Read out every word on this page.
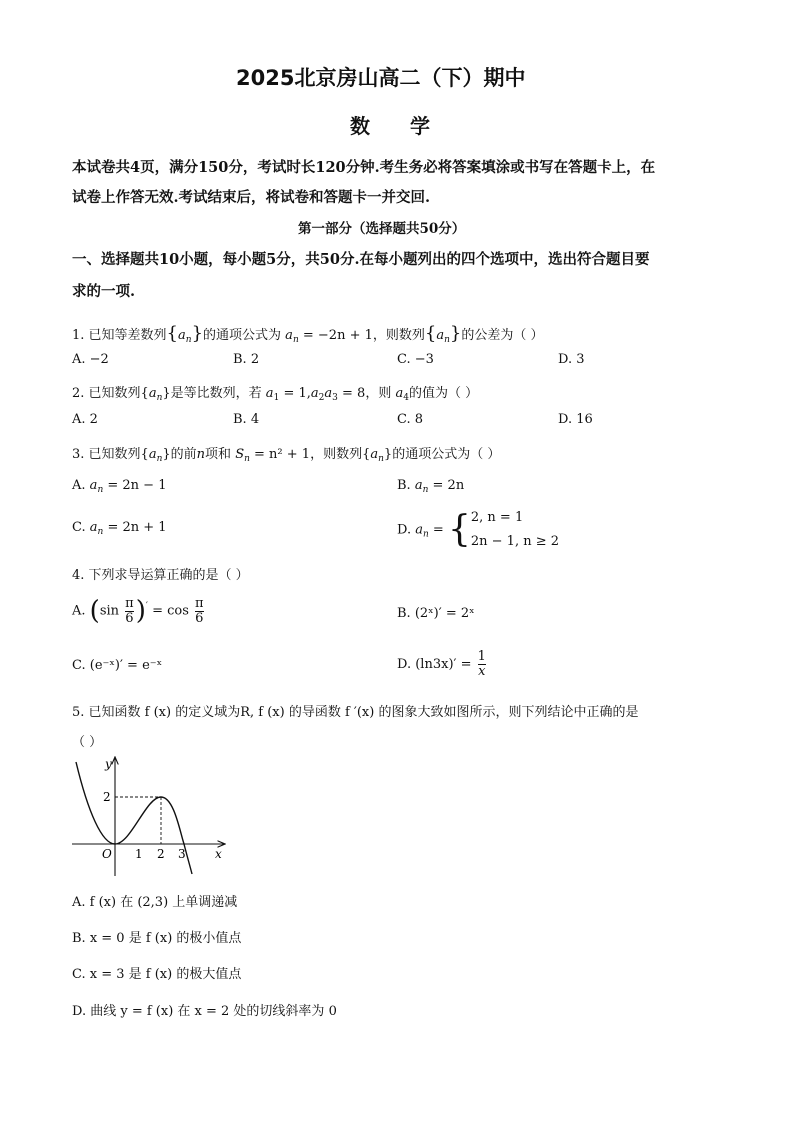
2025北京房山高二（下）期中
数学
本试卷共4页，满分150分，考试时长120分钟.考生务必将答案填涂或书写在答题卡上，在
试卷上作答无效.考试结束后，将试卷和答题卡一并交回.
第一部分（选择题共50分）
一、选择题共10小题，每小题5分，共50分.在每小题列出的四个选项中，选出符合题目要
求的一项.
1. 已知等差数列$\{a_n\}$的通项公式为 $a_n = -2n + 1$，则数列$\{a_n\}$的公差为（ ）
A. −2	B. 2	C. −3	D. 3
2. 已知数列$\{a_n\}$是等比数列，若 $a_1 = 1,a_2a_3 = 8$，则 $a_4$的值为（ ）
A. 2	B. 4	C. 8	D. 16
3. 已知数列$\{a_n\}$的前n项和 $S_n = n^2 + 1$，则数列$\{a_n\}$的通项公式为（ ）
A. $a_n = 2n - 1$	B. $a_n = 2n$
C. $a_n = 2n + 1$	D. $a_n$ = { 2, n = 1
2n − 1, n ≥ 2
4. 下列求导运算正确的是（ ）
A. $(\sin \frac{\pi}{6} )' = \cos \frac{\pi}{6}$	B. (2ˣ)′ = 2ˣ
C. (e⁻ˣ)′ = e⁻ˣ	D. $(\ln 3x)' = \frac{1}{x}$
5. 已知函数 f (x) 的定义域为R, f (x) 的导函数 f ′(x) 的图象大致如图所示，则下列结论中正确的是
（ ）
y
x
O 1 2 3
2
A. f (x) 在 (2,3) 上单调递减
B. x = 0 是 f (x) 的极小值点
C. x = 3 是 f (x) 的极大值点
D. 曲线 y = f (x) 在 x = 2 处的切线斜率为 0
